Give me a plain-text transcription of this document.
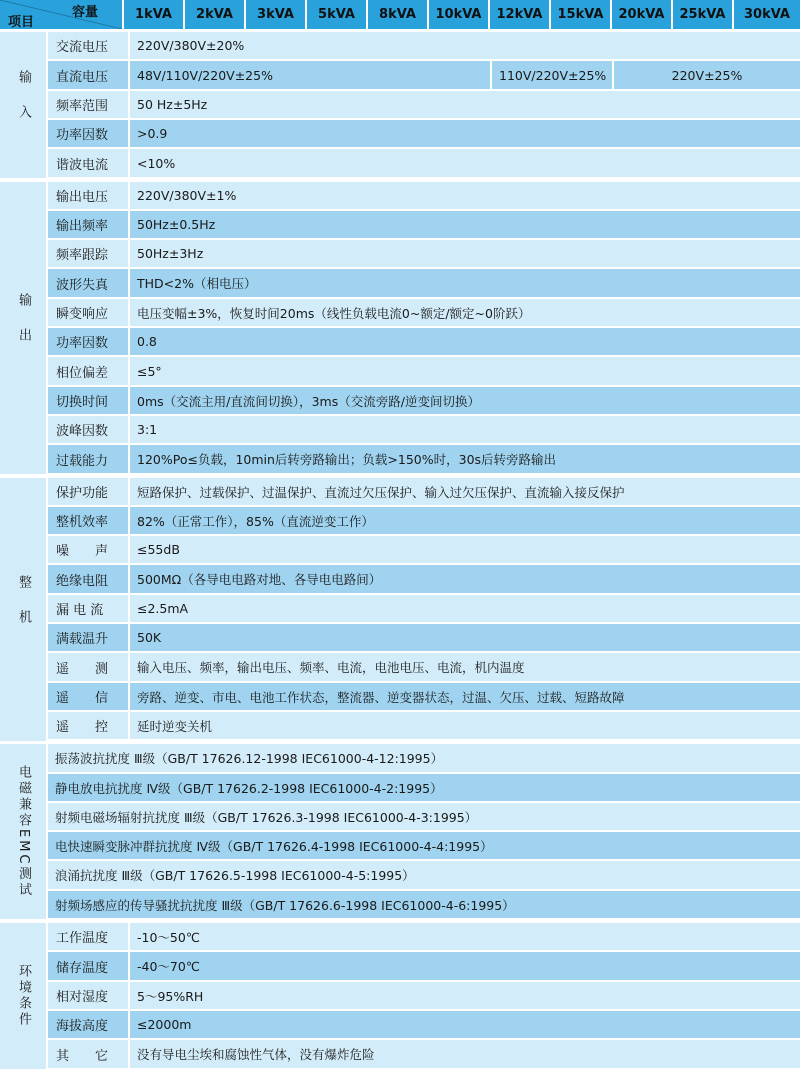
项目
容量	1kVA	2kVA	3kVA	5kVA	8kVA	10kVA	12kVA	15kVA	20kVA	25kVA	30kVA
输入
交流电压	220V/380V±20%
直流电压	48V/110V/220V±25%	110V/220V±25%	220V±25%
频率范围	50 Hz±5Hz
功率因数	>0.9
谐波电流	<10%
输出
输出电压	220V/380V±1%
输出频率	50Hz±0.5Hz
频率跟踪	50Hz±3Hz
波形失真	THD<2%（相电压）
瞬变响应	电压变幅±3%，恢复时间20ms（线性负载电流0~额定/额定~0阶跃）
功率因数	0.8
相位偏差	≤5°
切换时间	0ms（交流主用/直流间切换），3ms（交流旁路/逆变间切换）
波峰因数	3:1
过载能力	120%Po≤负载，10min后转旁路输出；负载>150%时，30s后转旁路输出
整机
保护功能	短路保护、过载保护、过温保护、直流过欠压保护、输入过欠压保护、直流输入接反保护
整机效率	82%（正常工作），85%（直流逆变工作）
噪　　声	≤55dB
绝缘电阻	500MΩ（各导电电路对地、各导电电路间）
漏 电 流	≤2.5mA
满载温升	50K
遥　　测	输入电压、频率，输出电压、频率、电流，电池电压、电流，机内温度
遥　　信	旁路、逆变、市电、电池工作状态，整流器、逆变器状态，过温、欠压、过载、短路故障
遥　　控	延时逆变关机
电磁兼容EMC测试
振荡波抗扰度 Ⅲ级（GB/T 17626.12-1998 IEC61000-4-12:1995）
静电放电抗扰度 Ⅳ级（GB/T 17626.2-1998 IEC61000-4-2:1995）
射频电磁场辐射抗扰度 Ⅲ级（GB/T 17626.3-1998 IEC61000-4-3:1995）
电快速瞬变脉冲群抗扰度 Ⅳ级（GB/T 17626.4-1998 IEC61000-4-4:1995）
浪涌抗扰度 Ⅲ级（GB/T 17626.5-1998 IEC61000-4-5:1995）
射频场感应的传导骚扰抗扰度 Ⅲ级（GB/T 17626.6-1998 IEC61000-4-6:1995）
环境条件
工作温度	-10～50℃
储存温度	-40～70℃
相对湿度	5～95%RH
海拔高度	≤2000m
其　　它	没有导电尘埃和腐蚀性气体，没有爆炸危险
